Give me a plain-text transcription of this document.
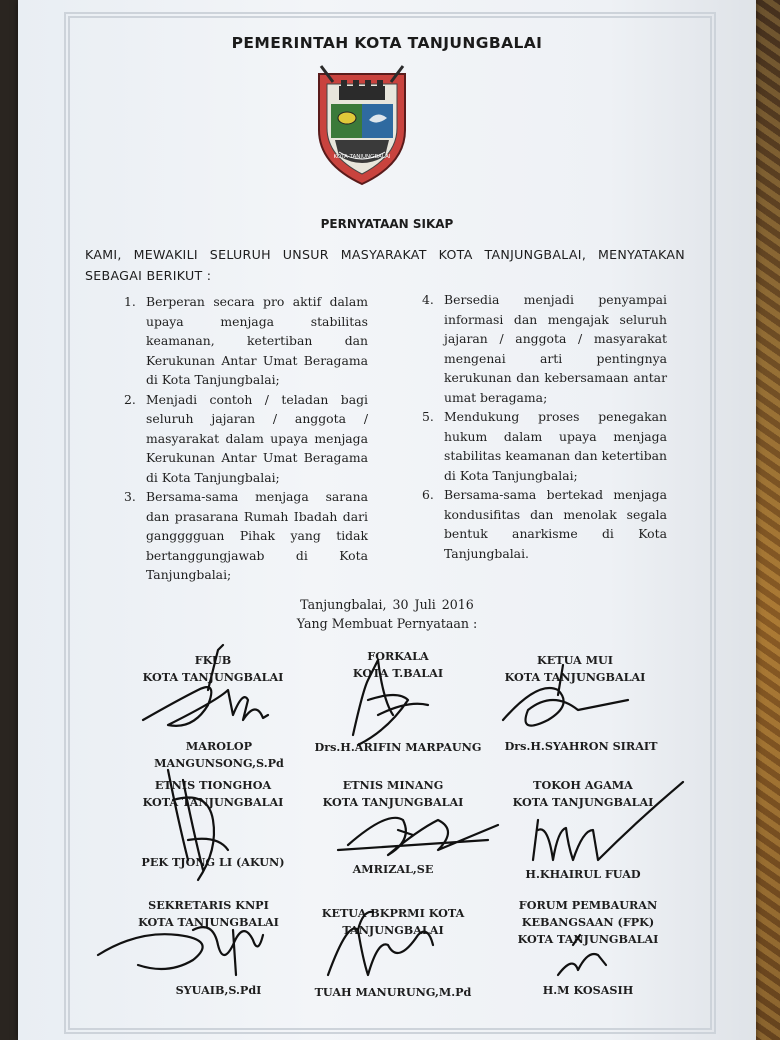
PEMERINTAH KOTA TANJUNGBALAI
KOTA TANJUNGBALAI
PERNYATAAN SIKAP
KAMI, MEWAKILI SELURUH UNSUR MASYARAKAT KOTA TANJUNGBALAI, MENYATAKAN SEBAGAI BERIKUT :
1. Berperan secara pro aktif dalam upaya menjaga stabilitas keamanan, ketertiban dan Kerukunan Antar Umat Beragama di Kota Tanjungbalai;
2. Menjadi contoh / teladan bagi seluruh jajaran / anggota / masyarakat dalam upaya menjaga Kerukunan Antar Umat Beragama di Kota Tanjungbalai;
3. Bersama-sama menjaga sarana dan prasarana Rumah Ibadah dari gangggguan Pihak yang tidak bertanggungjawab di Kota Tanjungbalai;
4. Bersedia menjadi penyampai informasi dan mengajak seluruh jajaran / anggota / masyarakat mengenai arti pentingnya kerukunan dan kebersamaan antar umat beragama;
5. Mendukung proses penegakan hukum dalam upaya menjaga stabilitas keamanan dan ketertiban di Kota Tanjungbalai;
6. Bersama-sama bertekad menjaga kondusifitas dan menolak segala bentuk anarkisme di Kota Tanjungbalai.
Tanjungbalai, 30 Juli 2016
Yang Membuat Pernyataan :
FKUB
KOTA TANJUNGBALAI
MAROLOP MANGUNSONG,S.Pd
FORKALA
KOTA T.BALAI
Drs.H.ARIFIN MARPAUNG
KETUA MUI
KOTA TANJUNGBALAI
Drs.H.SYAHRON SIRAIT
ETNIS TIONGHOA
KOTA TANJUNGBALAI
PEK TJONG LI (AKUN)
ETNIS MINANG
KOTA TANJUNGBALAI
AMRIZAL,SE
TOKOH AGAMA
KOTA TANJUNGBALAI
H.KHAIRUL FUAD
SEKRETARIS KNPI
KOTA TANJUNGBALAI
SYUAIB,S.PdI
KETUA BKPRMI KOTA
TANJUNGBALAI
TUAH MANURUNG,M.Pd
FORUM PEMBAURAN
KEBANGSAAN (FPK)
KOTA TANJUNGBALAI
H.M KOSASIH
